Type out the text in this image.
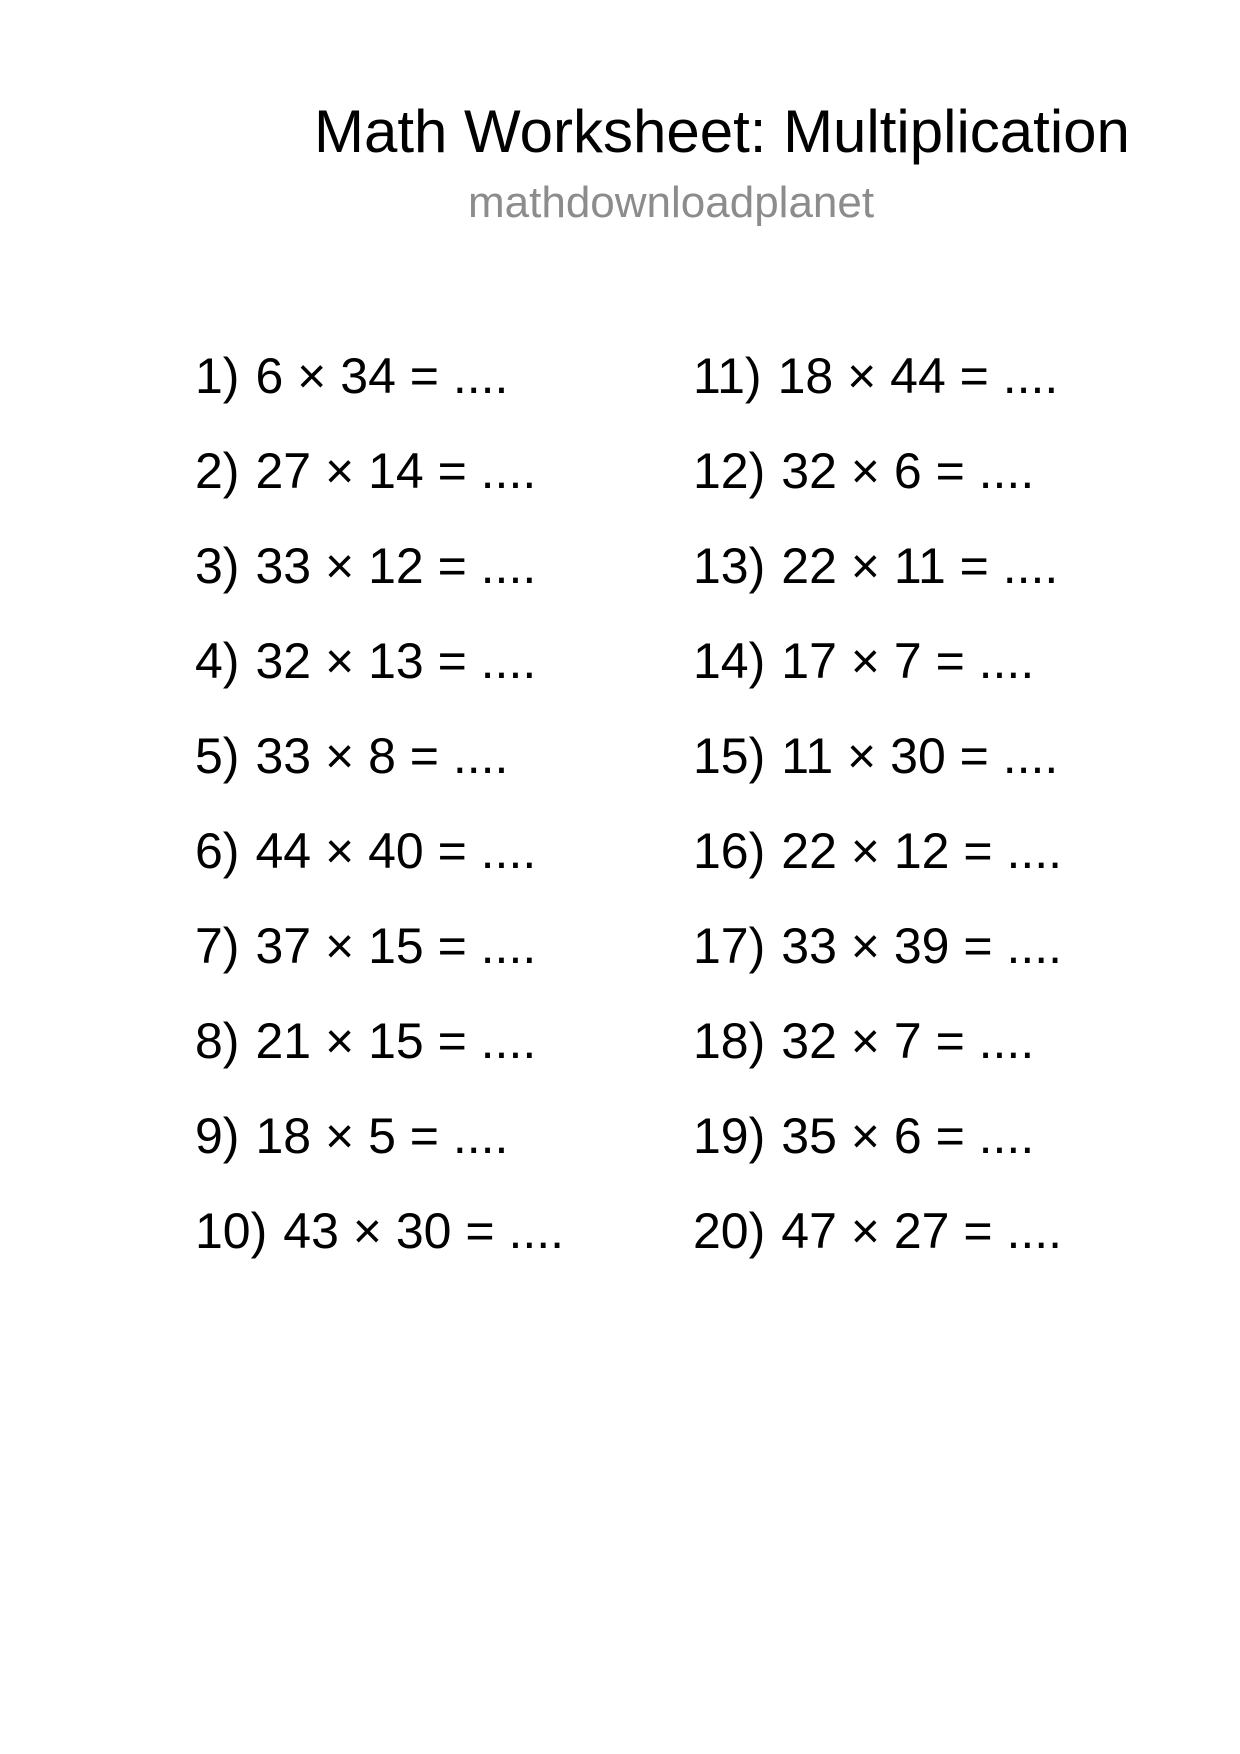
Math Worksheet: Multiplication
mathdownloadplanet
1) 6 × 34 = ....
2) 27 × 14 = ....
3) 33 × 12 = ....
4) 32 × 13 = ....
5) 33 × 8 = ....
6) 44 × 40 = ....
7) 37 × 15 = ....
8) 21 × 15 = ....
9) 18 × 5 = ....
10) 43 × 30 = ....
11) 18 × 44 = ....
12) 32 × 6 = ....
13) 22 × 11 = ....
14) 17 × 7 = ....
15) 11 × 30 = ....
16) 22 × 12 = ....
17) 33 × 39 = ....
18) 32 × 7 = ....
19) 35 × 6 = ....
20) 47 × 27 = ....
